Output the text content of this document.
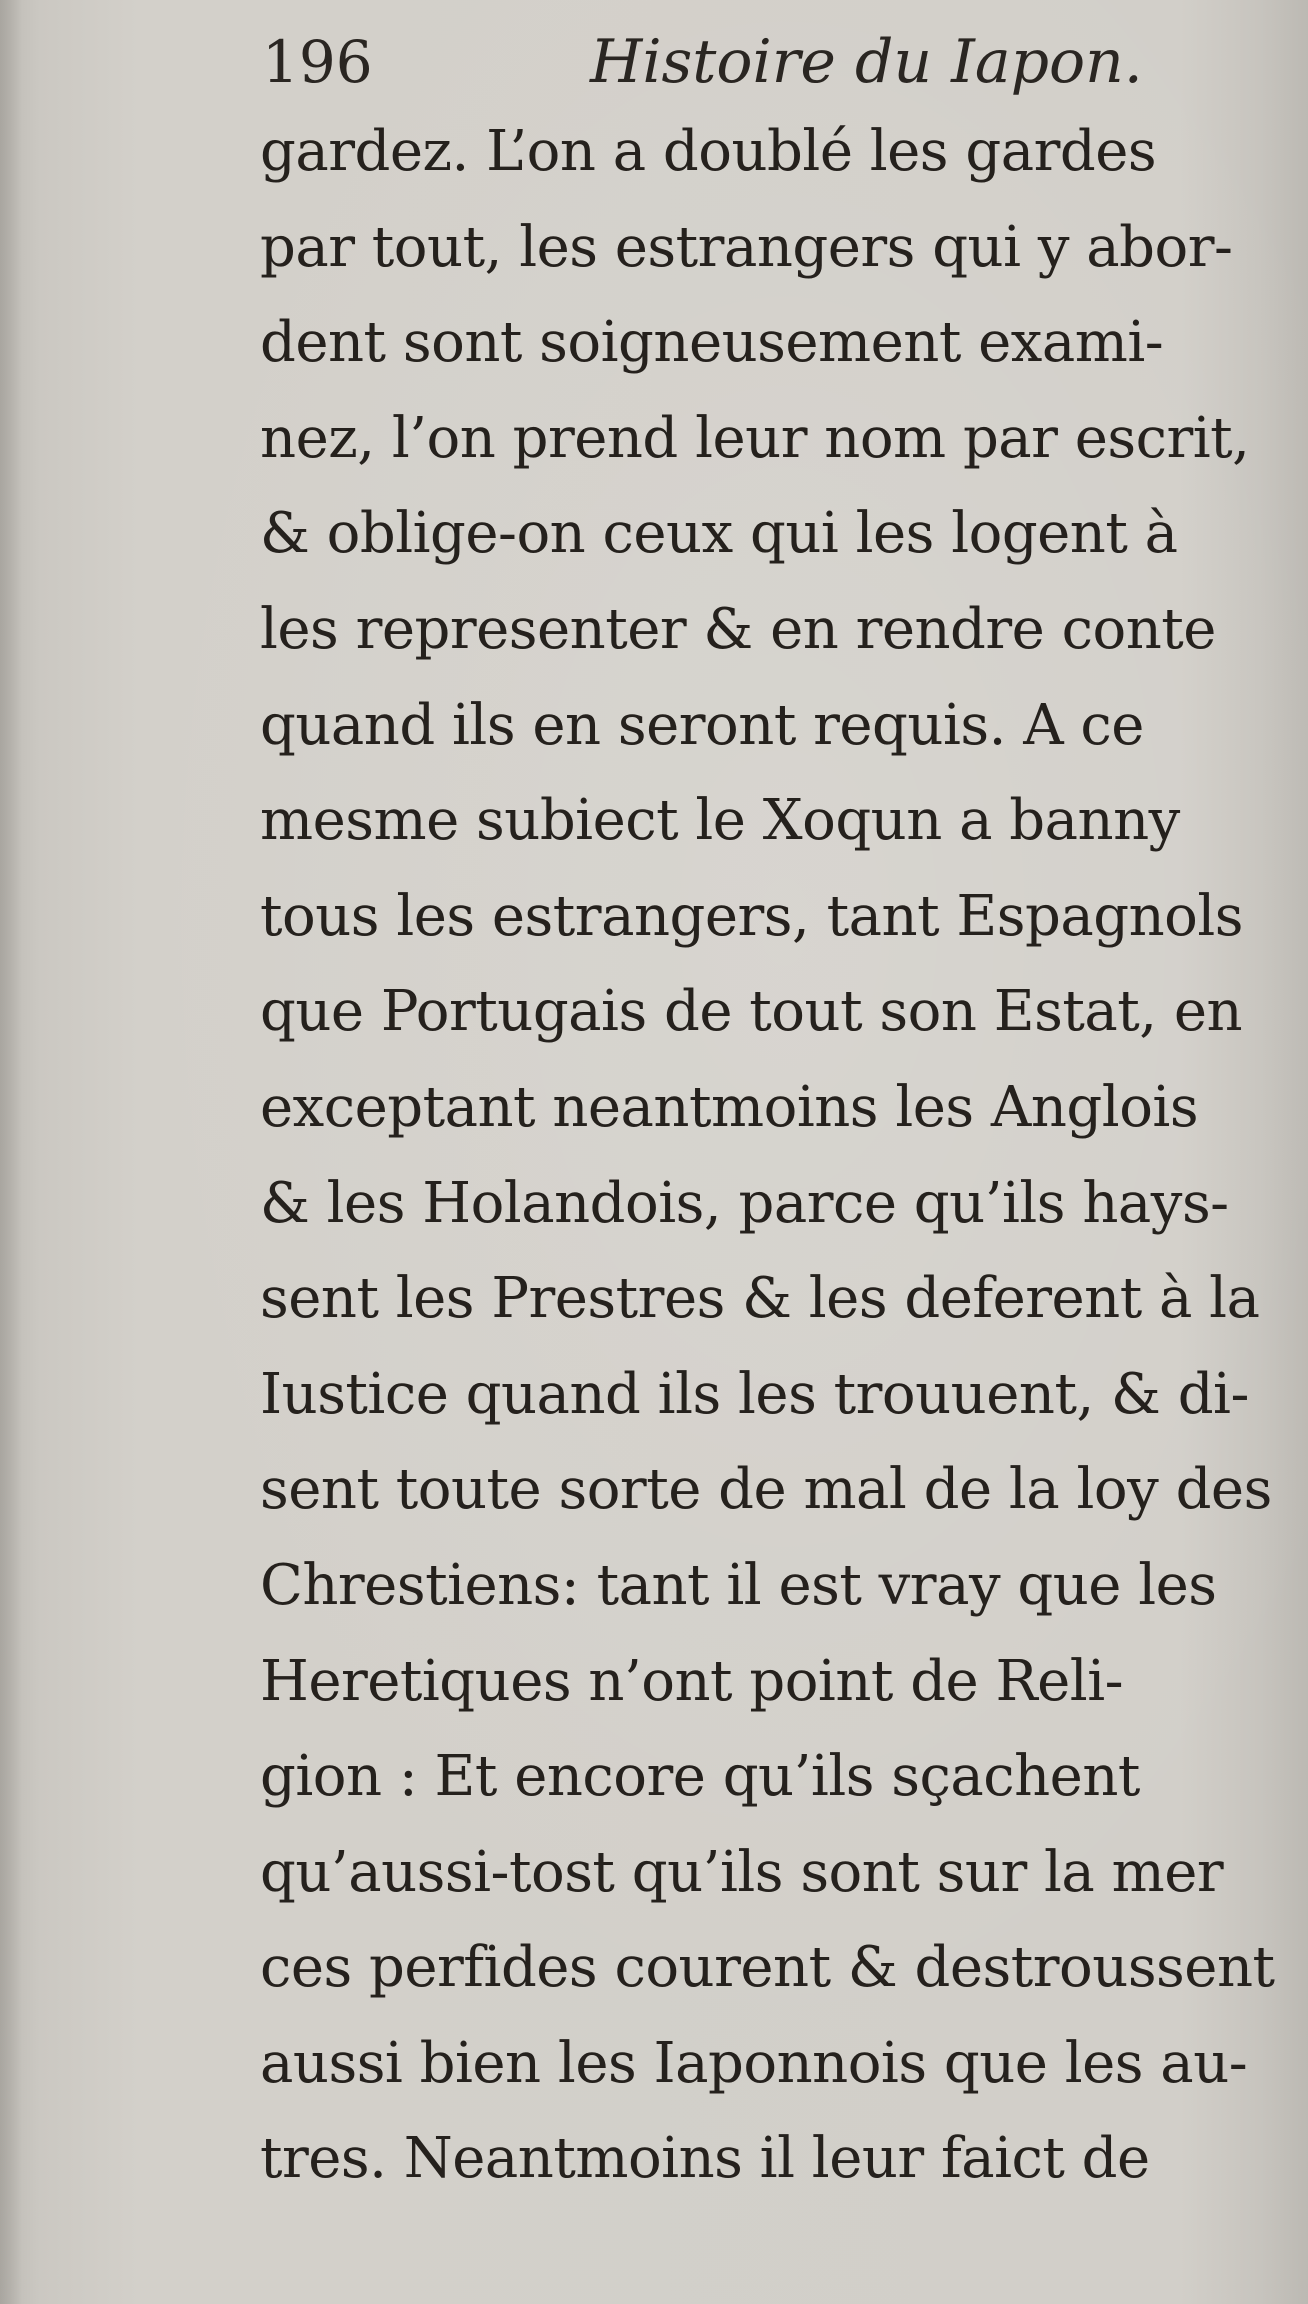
196	Histoire du Iapon.
gardez. L’on a doublé les gardes
par tout, les estrangers qui y abor-
dent sont soigneusement exami-
nez, l’on prend leur nom par escrit,
& oblige-on ceux qui les logent à
les representer & en rendre conte
quand ils en seront requis. A ce
mesme subiect le Xoqun a banny
tous les estrangers, tant Espagnols
que Portugais de tout son Estat, en
exceptant neantmoins les Anglois
& les Holandois, parce qu’ils hays-
sent les Prestres & les deferent à la
Iustice quand ils les trouuent, & di-
sent toute sorte de mal de la loy des
Chrestiens: tant il est vray que les
Heretiques n’ont point de Reli-
gion : Et encore qu’ils sçachent
qu’aussi-tost qu’ils sont sur la mer
ces perfides courent & destroussent
aussi bien les Iaponnois que les au-
tres. Neantmoins il leur faict de
